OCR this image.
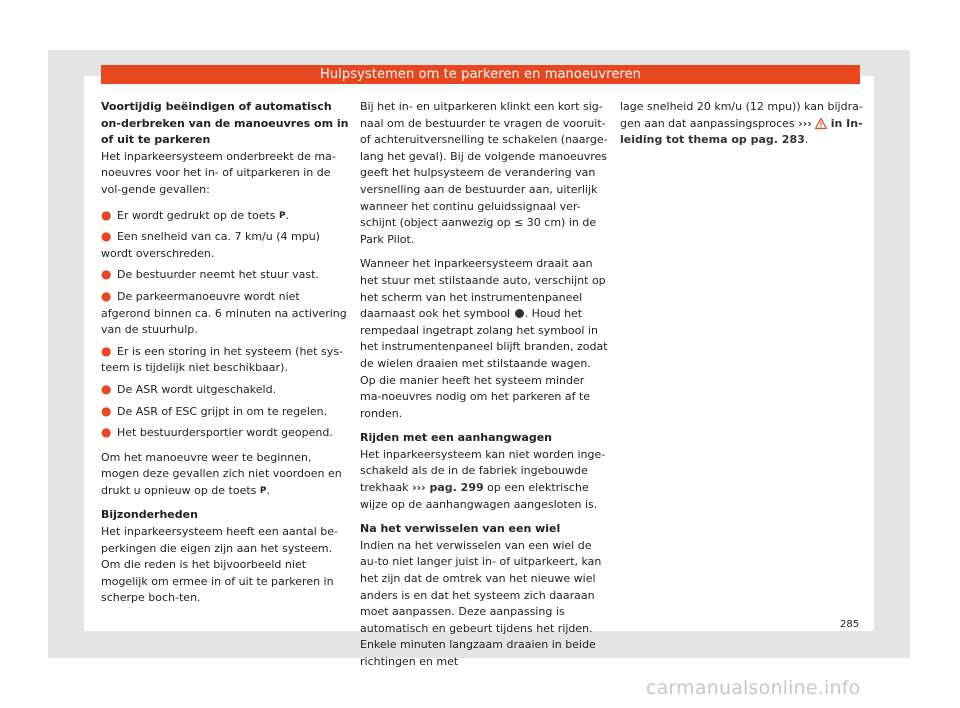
Hulpsystemen om te parkeren en manoeuvreren
Voortijdig beëindigen of automatisch on-derbreken van de manoeuvres om in of uit te parkeren

Het inparkeersysteem onderbreekt de ma-noeuvres voor het in- of uitparkeren in de vol-gende gevallen:

● Er wordt gedrukt op de toets P.
● Een snelheid van ca. 7 km/u (4 mpu) wordt overschreden.
● De bestuurder neemt het stuur vast.
● De parkeermanoeuvre wordt niet afgerond binnen ca. 6 minuten na activering van de stuurhulp.
● Er is een storing in het systeem (het sys-teem is tijdelijk niet beschikbaar).
● De ASR wordt uitgeschakeld.
● De ASR of ESC grijpt in om te regelen.
● Het bestuurdersportier wordt geopend.

Om het manoeuvre weer te beginnen, mogen deze gevallen zich niet voordoen en drukt u opnieuw op de toets P.

Bijzonderheden

Het inparkeersysteem heeft een aantal be-perkingen die eigen zijn aan het systeem. Om die reden is het bijvoorbeeld niet mogelijk om ermee in of uit te parkeren in scherpe boch-ten.

Bij het in- en uitparkeren klinkt een kort sig-naal om de bestuurder te vragen de vooruit- of achteruitversnelling te schakelen (naarge-lang het geval). Bij de volgende manoeuvres geeft het hulpsysteem de verandering van versnelling aan de bestuurder aan, uiterlijk wanneer het continu geluidssignaal ver-schijnt (object aanwezig op ≤ 30 cm) in de Park Pilot.

Wanneer het inparkeersysteem draait aan het stuur met stilstaande auto, verschijnt op het scherm van het instrumentenpaneel daarnaast ook het symbool . Houd het rempedaal ingetrapt zolang het symbool in het instrumentenpaneel blijft branden, zodat de wielen draaien met stilstaande wagen. Op die manier heeft het systeem minder ma-noeuvres nodig om het parkeren af te ronden.

Rijden met een aanhangwagen

Het inparkeersysteem kan niet worden inge-schakeld als de in de fabriek ingebouwde trekhaak ››› pag. 299 op een elektrische wijze op de aanhangwagen aangesloten is.

Na het verwisselen van een wiel

Indien na het verwisselen van een wiel de au-to niet langer juist in- of uitparkeert, kan het zijn dat de omtrek van het nieuwe wiel anders is en dat het systeem zich daaraan moet aanpassen. Deze aanpassing is automatisch en gebeurt tijdens het rijden. Enkele minuten langzaam draaien in beide richtingen en met

lage snelheid 20 km/u (12 mpu)) kan bijdra-gen aan dat aanpassingsproces ››› in In-leiding tot thema op pag. 283.

285
carmanualsonline.info
